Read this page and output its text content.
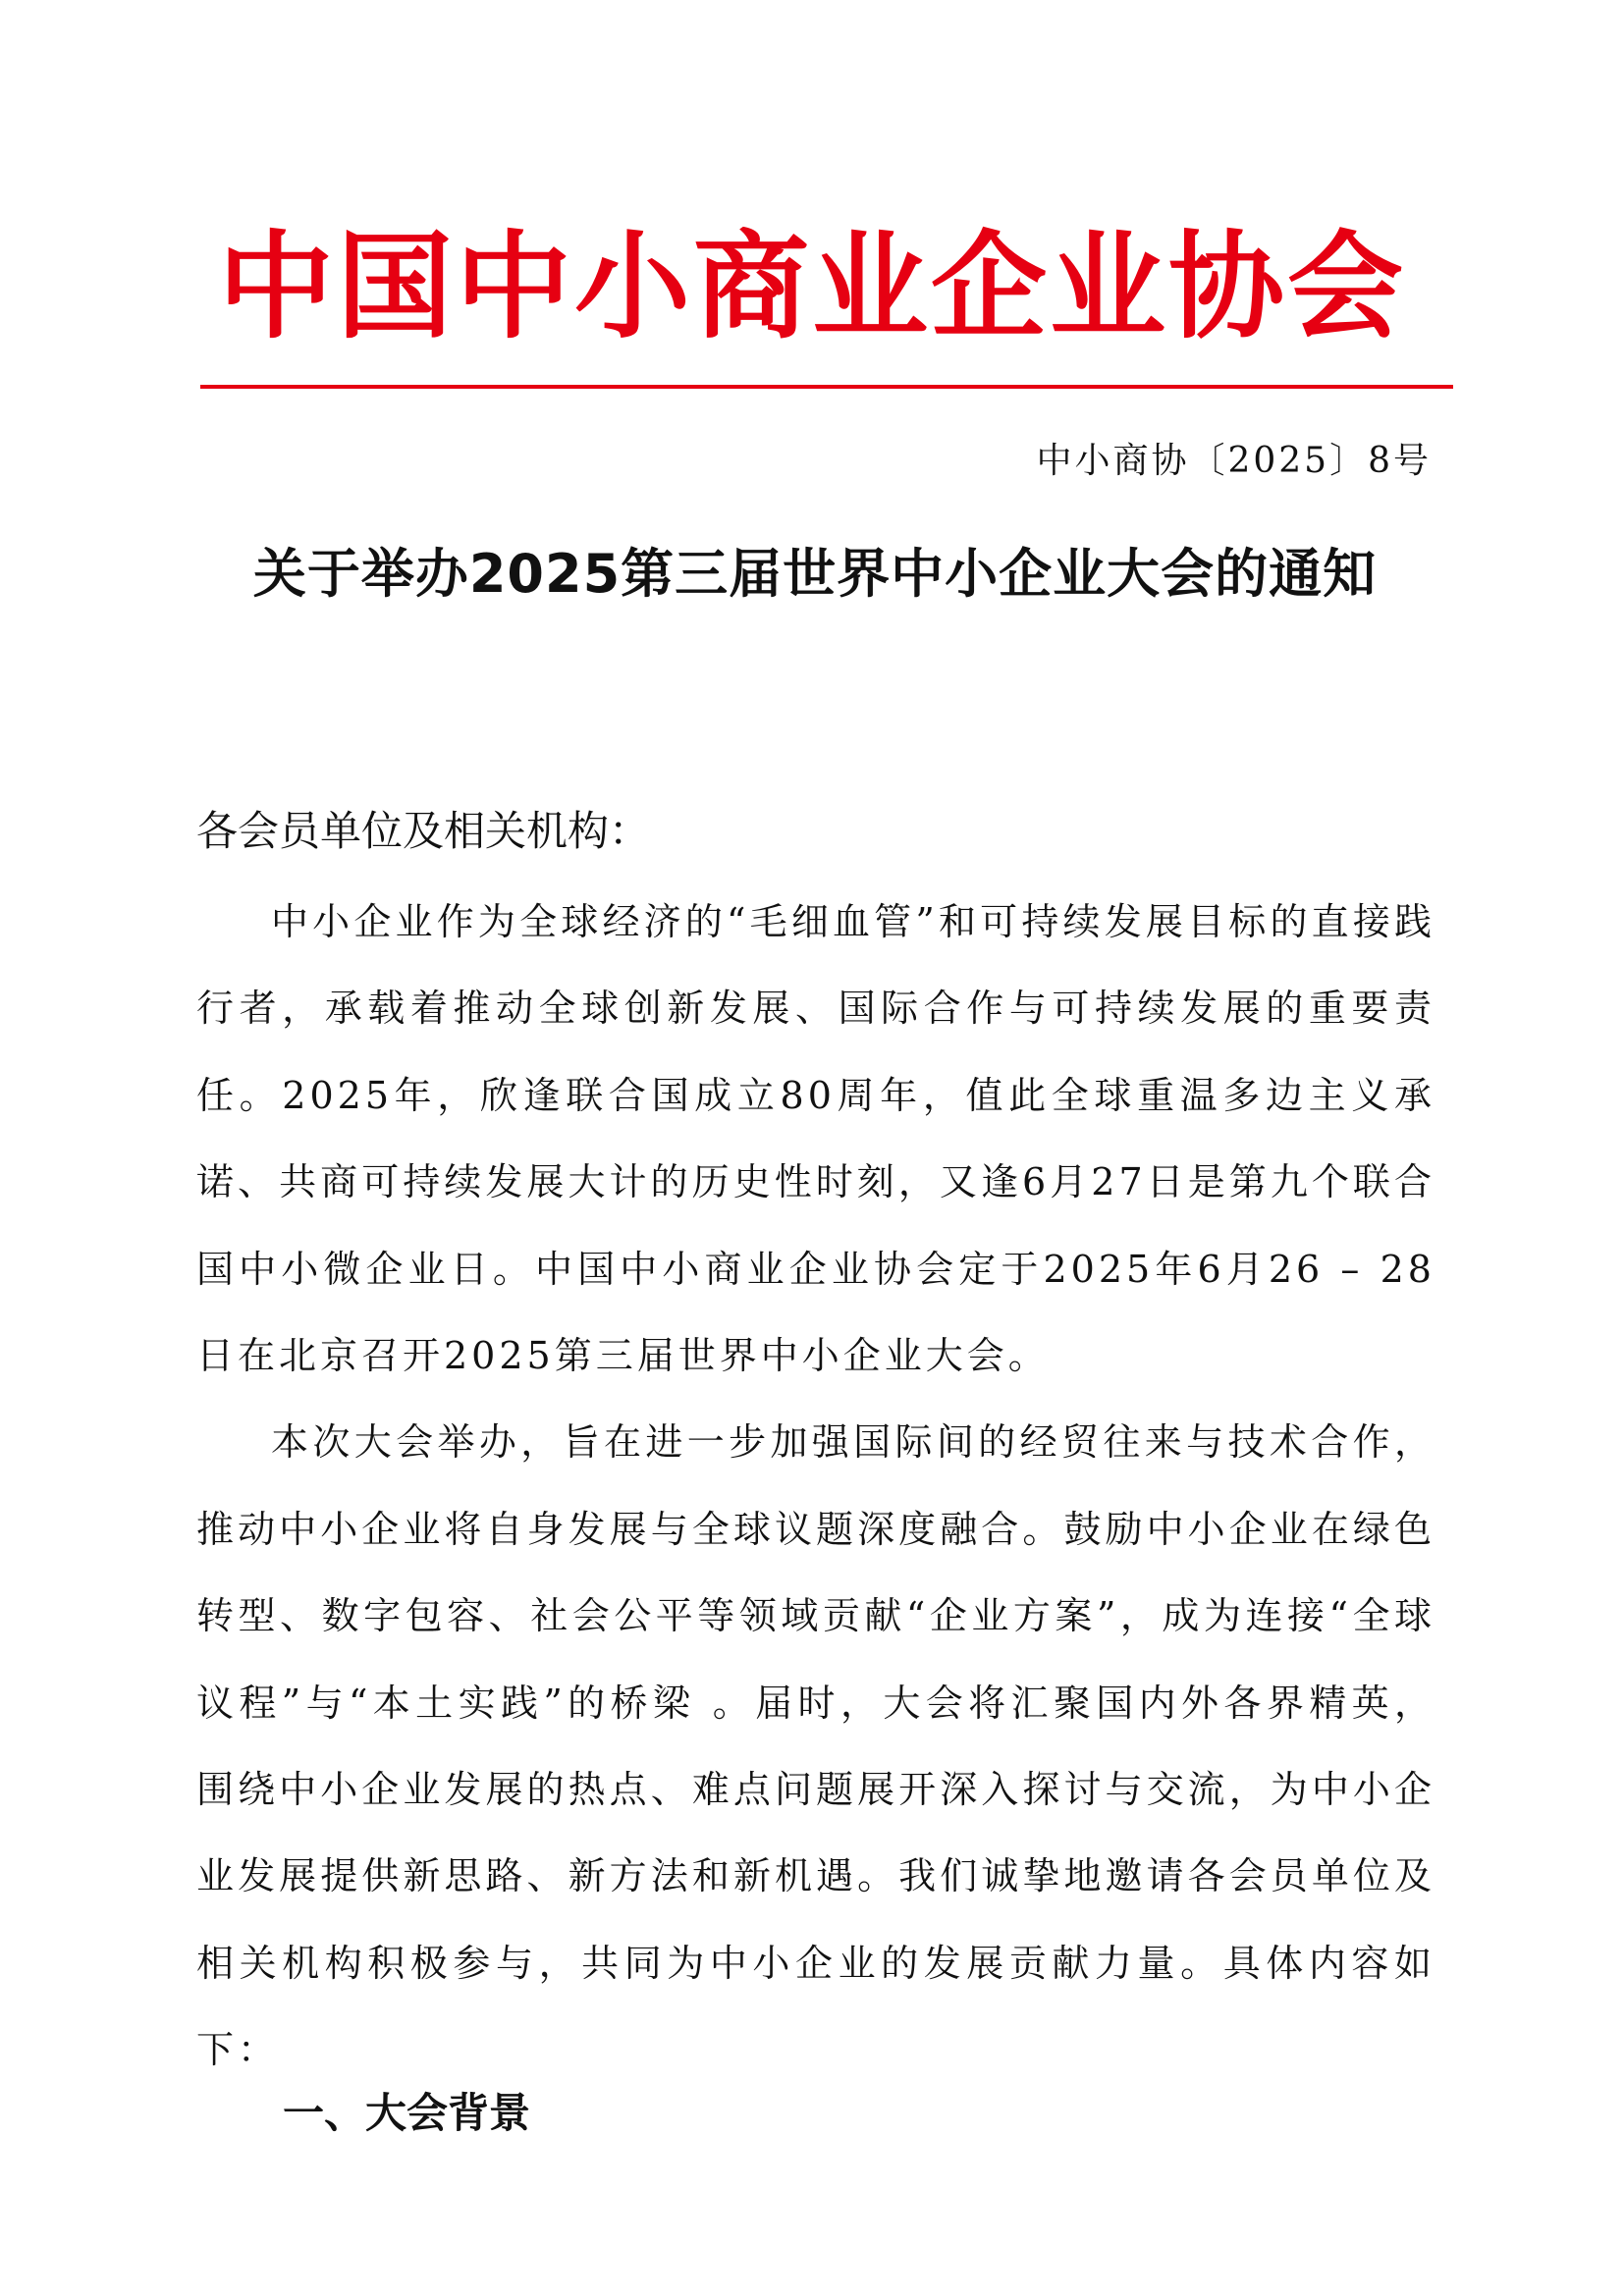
中国中小商业企业协会
中小商协〔2025〕8号
关于举办2025第三届世界中小企业大会的通知
各会员单位及相关机构：

中小企业作为全球经济的“毛细血管”和可持续发展目标的直接践行者，承载着推动全球创新发展、国际合作与可持续发展的重要责任。2025年，欣逢联合国成立80周年，值此全球重温多边主义承诺、共商可持续发展大计的历史性时刻，又逢6月27日是第九个联合国中小微企业日。中国中小商业企业协会定于2025年6月26 – 28日在北京召开2025第三届世界中小企业大会。

本次大会举办，旨在进一步加强国际间的经贸往来与技术合作，推动中小企业将自身发展与全球议题深度融合。鼓励中小企业在绿色转型、数字包容、社会公平等领域贡献“企业方案”，成为连接“全球议程”与“本土实践”的桥梁 。届时，大会将汇聚国内外各界精英，围绕中小企业发展的热点、难点问题展开深入探讨与交流，为中小企业发展提供新思路、新方法和新机遇。我们诚挚地邀请各会员单位及相关机构积极参与，共同为中小企业的发展贡献力量。具体内容如下：

一、大会背景
